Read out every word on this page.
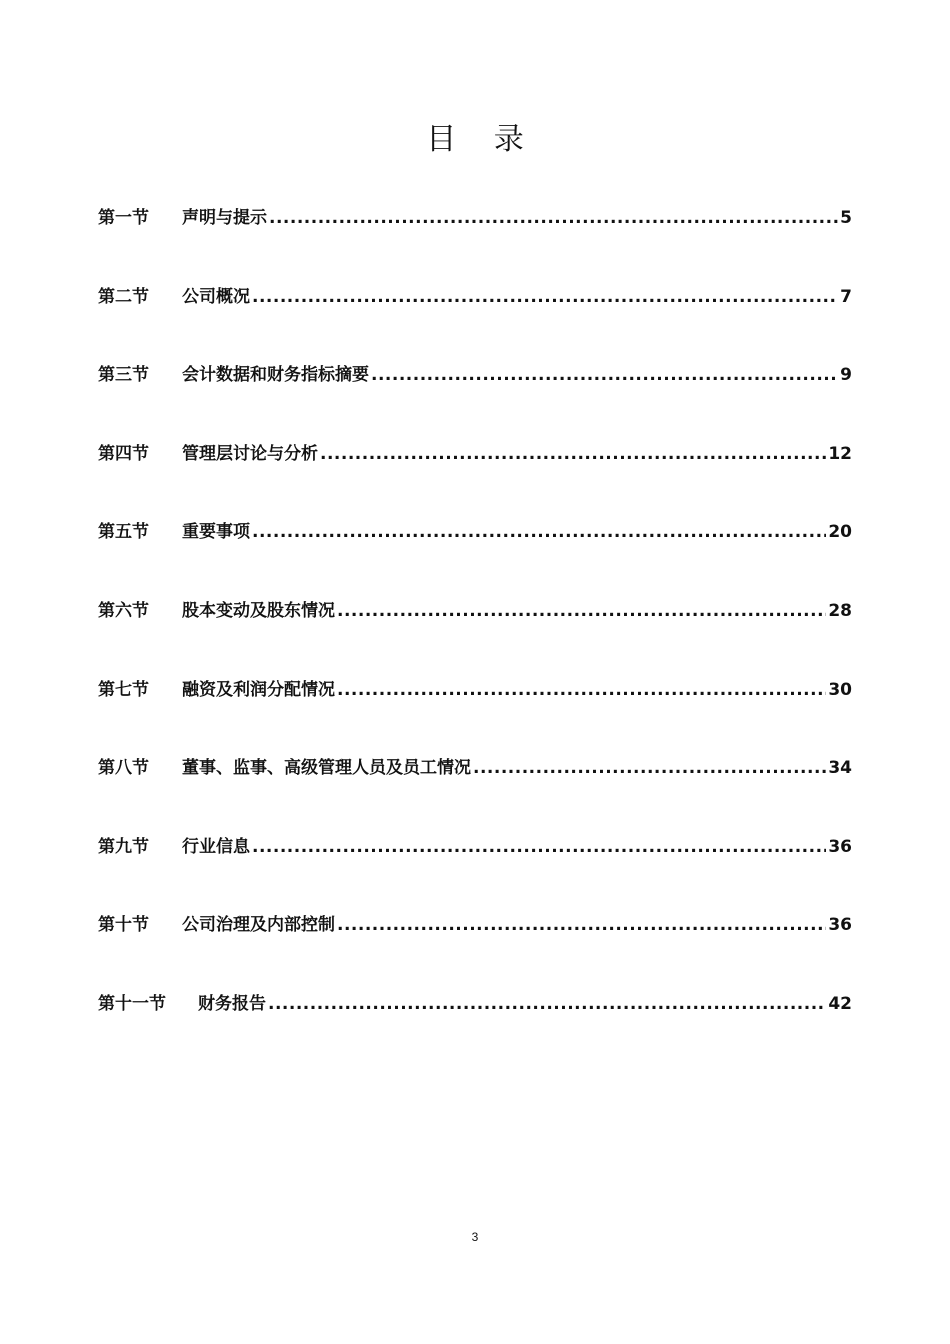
目 录
第一节	声明与提示 .....	5
第二节	公司概况 .....	7
第三节	会计数据和财务指标摘要 .....	9
第四节	管理层讨论与分析 .....	12
第五节	重要事项 .....	20
第六节	股本变动及股东情况 .....	28
第七节	融资及利润分配情况 .....	30
第八节	董事、监事、高级管理人员及员工情况 .....	34
第九节	行业信息 .....	36
第十节	公司治理及内部控制 .....	36
第十一节	财务报告 .....	42
3
